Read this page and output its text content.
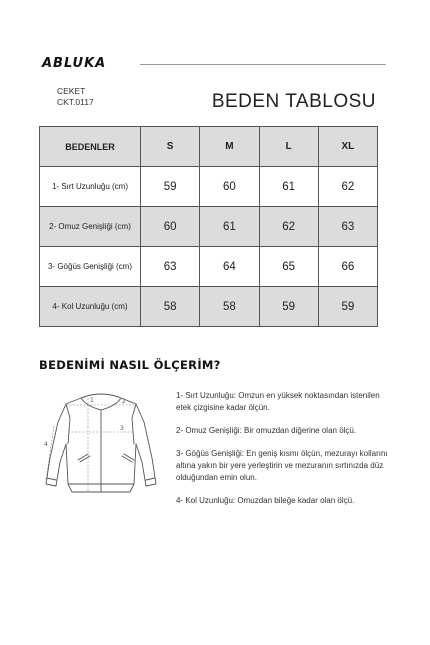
ABLUKA
CEKET
CKT.0117	BEDEN TABLOSU
BEDENLER	S	M	L	XL
1- Sırt Uzunluğu (cm)	59	60	61	62
2- Omuz Genişliği (cm)	60	61	62	63
3- Göğüs Genişliği (cm)	63	64	65	66
4- Kol Uzunluğu (cm)	58	58	59	59
BEDENİMİ NASIL ÖLÇERİM?
1	2
3
4

1- Sırt Uzunluğu: Omzun en yüksek noktasından istenilen etek çizgisine kadar ölçün.

2- Omuz Genişliği: Bir omuzdan diğerine olan ölçü.

3- Göğüs Genişliği: En geniş kısmı ölçün, mezurayı kollarını altına yakın bir yere yerleştirin ve mezuranın sırtınızda düz olduğundan emin olun.

4- Kol Uzunluğu: Omuzdan bileğe kadar olan ölçü.
